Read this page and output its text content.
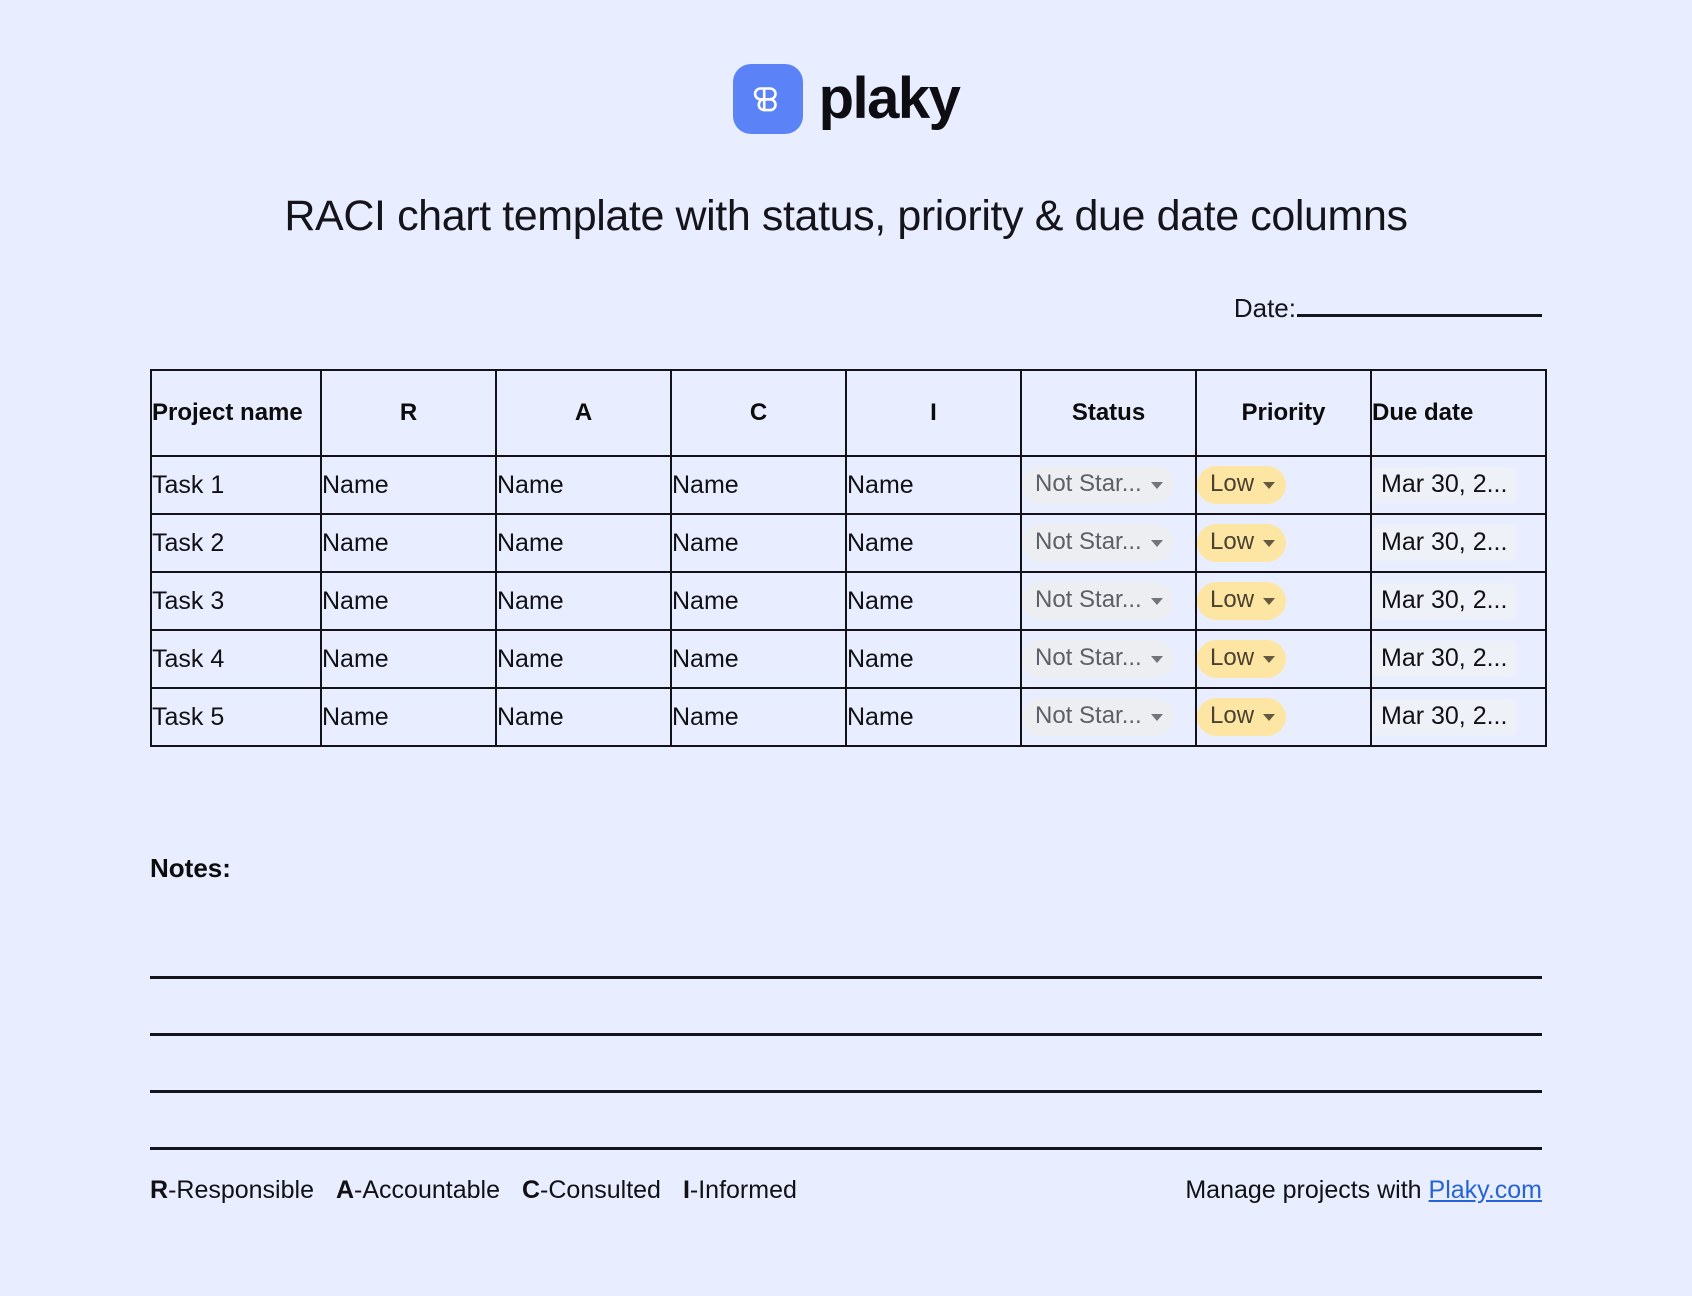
plaky
RACI chart template with status, priority & due date columns
Date:
Project name	R	A	C	I	Status	Priority	Due date
Task 1	Name	Name	Name	Name	Not Star...	Low	Mar 30, 2...
Task 2	Name	Name	Name	Name	Not Star...	Low	Mar 30, 2...
Task 3	Name	Name	Name	Name	Not Star...	Low	Mar 30, 2...
Task 4	Name	Name	Name	Name	Not Star...	Low	Mar 30, 2...
Task 5	Name	Name	Name	Name	Not Star...	Low	Mar 30, 2...
Notes:
R-Responsible A-Accountable C-Consulted I-Informed	Manage projects with Plaky.com
